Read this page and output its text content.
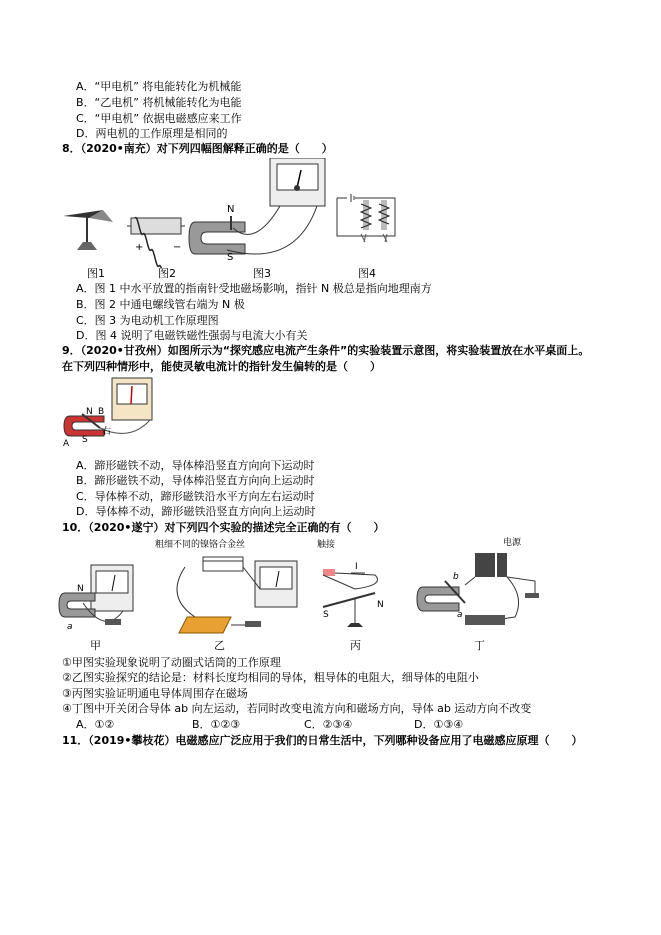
A．“甲电机” 将电能转化为机械能
B．“乙电机” 将机械能转化为电能
C．“甲电机” 依据电磁感应来工作
D．两电机的工作原理是相同的
8．（2020•南充）对下列四幅图解释正确的是（　　）
+	−
N
S
图1	图2	图3	图4
A．图 1 中水平放置的指南针受地磁场影响，指针 N 极总是指向地理南方
B．图 2 中通电螺线管右端为 N 极
C．图 3 为电动机工作原理图
D．图 4 说明了电磁铁磁性强弱与电流大小有关
9．（2020•甘孜州）如图所示为“探究感应电流产生条件”的实验装置示意图，将实验装置放在水平桌面上。
在下列四种情形中，能使灵敏电流计的指针发生偏转的是（　　）
N B
A S
右
A．蹄形磁铁不动，导体棒沿竖直方向向下运动时
B．蹄形磁铁不动，导体棒沿竖直方向向上运动时
C．导体棒不动，蹄形磁铁沿水平方向左右运动时
D．导体棒不动，蹄形磁铁沿竖直方向向上运动时
10．（2020•遂宁）对下列四个实验的描述完全正确的有（　　）
N
a
粗细不同的镍铬合金丝	触接
I
S
N
电源
b
a
甲	乙	丙	丁
①甲图实验现象说明了动圈式话筒的工作原理
②乙图实验探究的结论是：材料长度均相同的导体，粗导体的电阻大，细导体的电阻小
③丙图实验证明通电导体周围存在磁场
④丁图中开关闭合导体 ab 向左运动，若同时改变电流方向和磁场方向，导体 ab 运动方向不改变
A．①②	B．①②③	C．②③④	D．①③④
11．（2019•攀枝花）电磁感应广泛应用于我们的日常生活中，下列哪种设备应用了电磁感应原理（　　）
